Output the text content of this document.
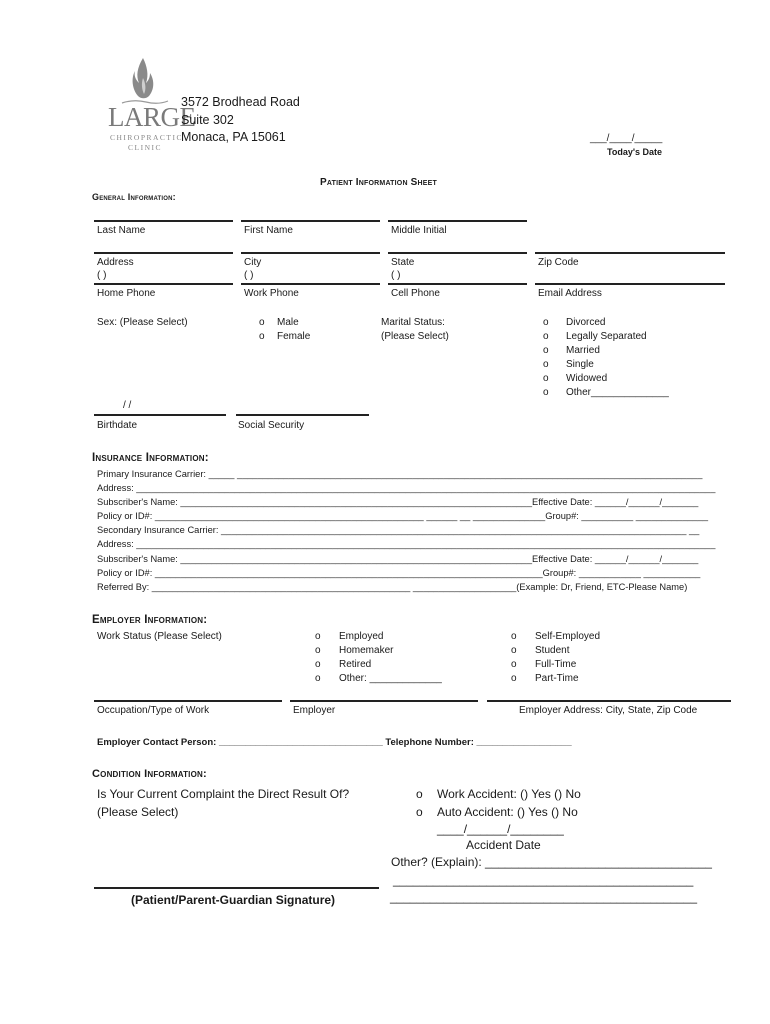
LARGE
CHIROPRACTIC
CLINIC
3572 Brodhead Road
Suite 302
Monaca, PA 15061	___/____/_____
Today's Date
Patient Information Sheet
General Information:
Last Name	First Name	Middle Initial
Address	City	State	Zip Code
( )	( )	( )
Home Phone	Work Phone	Cell Phone	Email Address
Sex: (Please Select)	o Male
o Female
Marital Status:
(Please Select)
o Divorced
o Legally Separated
o Married
o Single
o Widowed
o Other______________
/ /
Birthdate	Social Security
Insurance Information:
Primary Insurance Carrier: _____ __________________________________________________________________________________________
Address: ________________________________________________________________________________________________________________
Subscriber's Name: ____________________________________________________________________Effective Date: ______/______/_______
Policy or ID#: ____________________________________________________ ______ __ ______________Group#: __________ ______________
Secondary Insurance Carrier: __________________________________________________________________________________________ __
Address: ________________________________________________________________________________________________________________
Subscriber's Name: ____________________________________________________________________Effective Date: ______/______/_______
Policy or ID#: ___________________________________________________________________________Group#: ____________ ___________
Referred By: __________________________________________________ ____________________(Example: Dr, Friend, ETC-Please Name)
Employer Information:
Work Status (Please Select)	o Employed
o Homemaker
o Retired
o Other: _____________
o Self-Employed
o Student
o Full-Time
o Part-Time
Occupation/Type of Work	Employer	Employer Address: City, State, Zip Code
Employer Contact Person: _______________________________ Telephone Number: __________________
Condition Information:
Is Your Current Complaint the Direct Result Of?
(Please Select)
o Work Accident: () Yes () No
o Auto Accident: () Yes () No
____/______/________
Accident Date
Other? (Explain): __________________________________
_____________________________________________
______________________________________________
(Patient/Parent-Guardian Signature)
